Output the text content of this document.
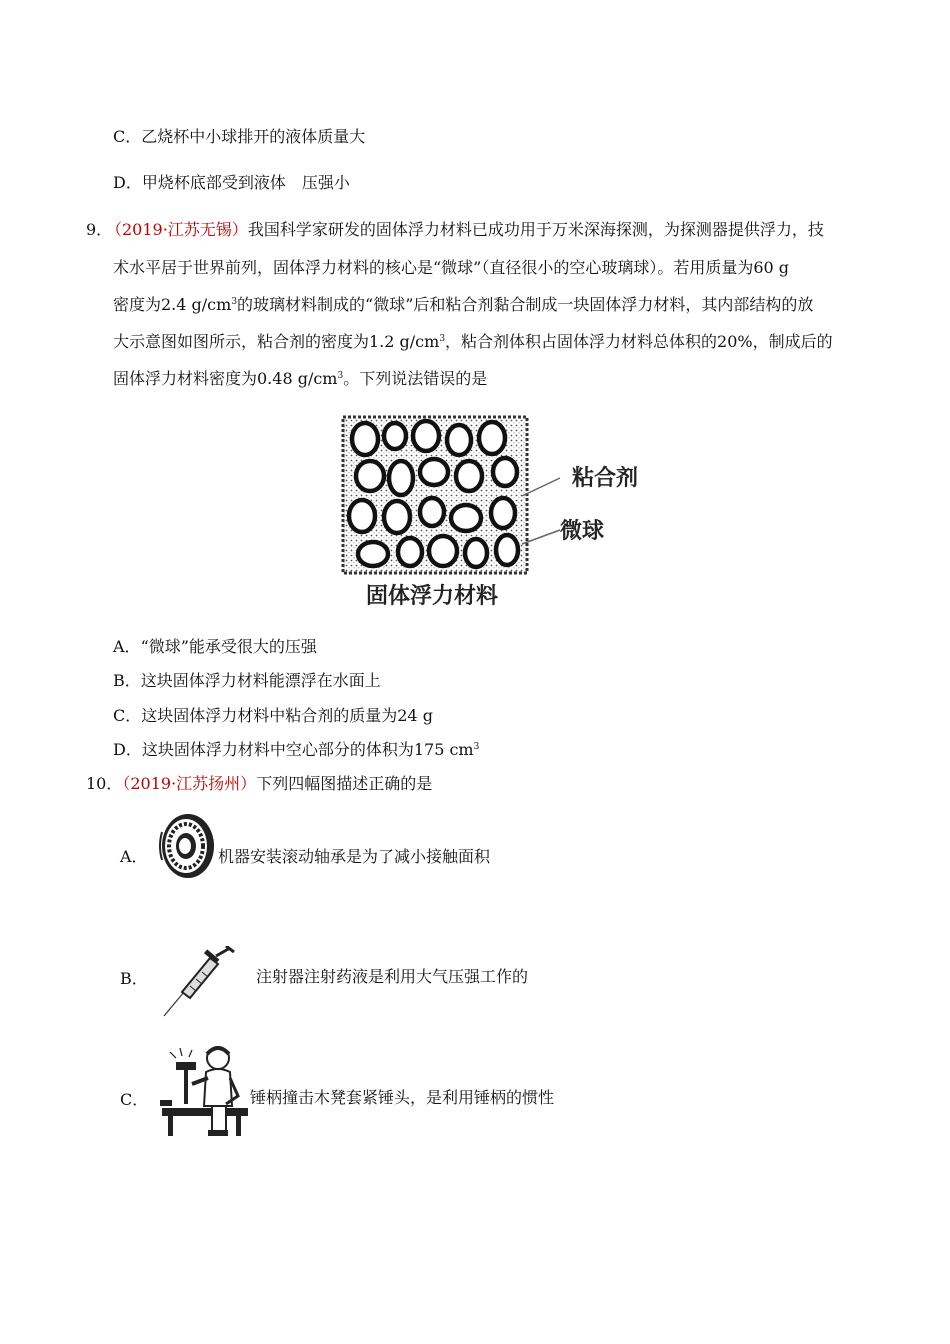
C．乙烧杯中小球排开的液体质量大
D．甲烧杯底部受到液体　压强小
9．
（2019·江苏无锡）我国科学家研发的固体浮力材料已成功用于万米深海探测，为探测器提供浮力，技
术水平居于世界前列，固体浮力材料的核心是“微球”（直径很小的空心玻璃球）。若用质量为60 g
密度为2.4 $g/cm^3$的玻璃材料制成的“微球”后和粘合剂黏合制成一块固体浮力材料，其内部结构的放
大示意图如图所示，粘合剂的密度为1.2 $g/cm^3$，粘合剂体积占固体浮力材料总体积的20%，制成后的
固体浮力材料密度为0.48 $g/cm^3$。下列说法错误的是
粘合剂
微球
固体浮力材料
A．“微球”能承受很大的压强
B．这块固体浮力材料能漂浮在水面上
C．这块固体浮力材料中粘合剂的质量为24 g
D．这块固体浮力材料中空心部分的体积为175 $cm^3$
10．（2019·江苏扬州）下列四幅图描述正确的是
A．	机器安装滚动轴承是为了减小接触面积
B．	注射器注射药液是利用大气压强工作的
C．	锤柄撞击木凳套紧锤头，是利用锤柄的惯性
